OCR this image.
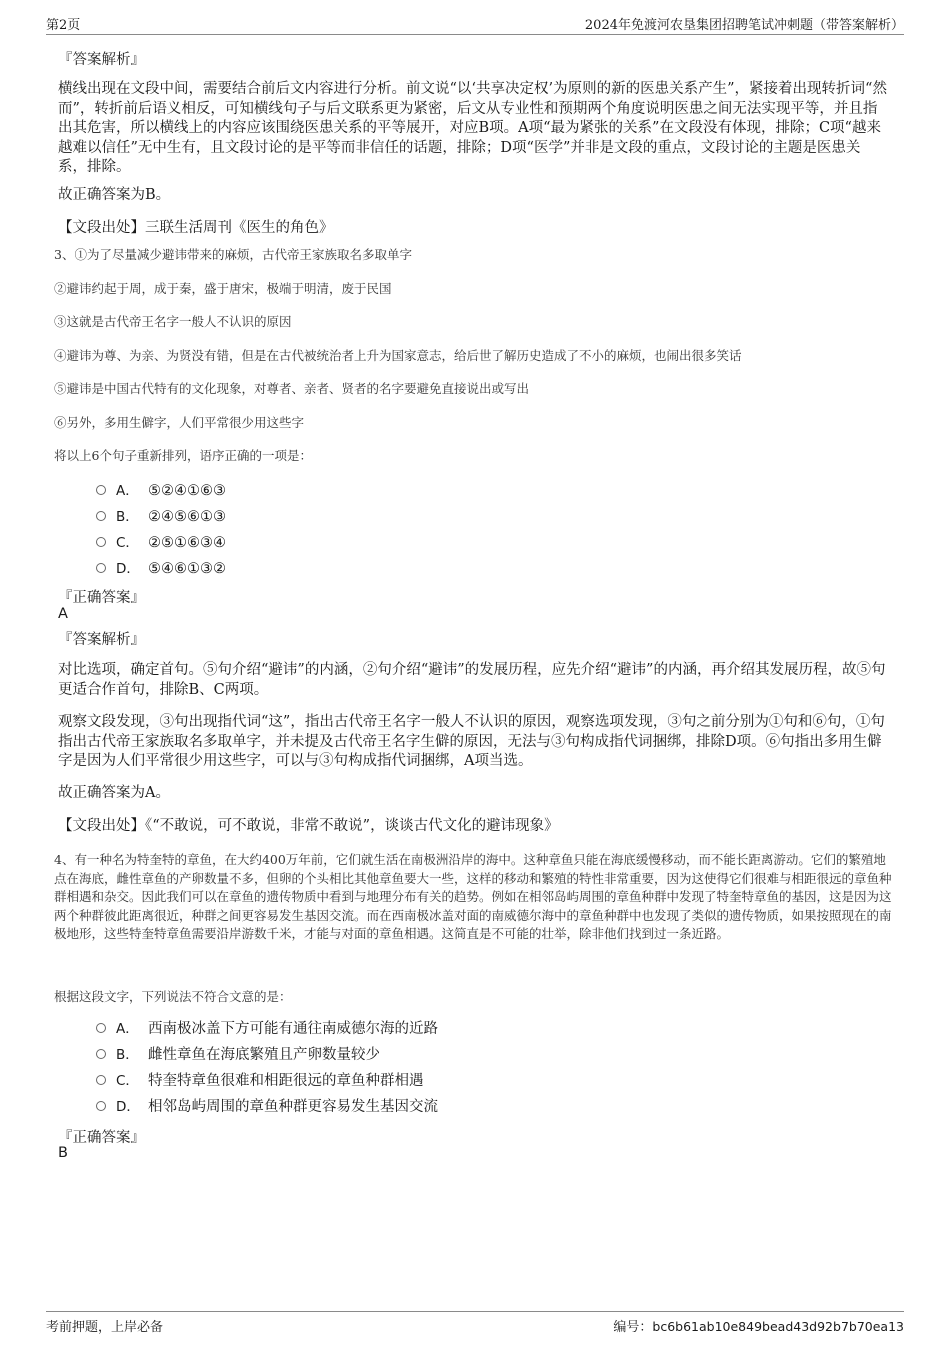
第2页	2024年免渡河农垦集团招聘笔试冲刺题（带答案解析）
『答案解析』
横线出现在文段中间，需要结合前后文内容进行分析。前文说“以‘共享决定权’为原则的新的医患关系产生”，紧接着出现转折词“然而”，转折前后语义相反，可知横线句子与后文联系更为紧密，后文从专业性和预期两个角度说明医患之间无法实现平等，并且指出其危害，所以横线上的内容应该围绕医患关系的平等展开，对应B项。A项“最为紧张的关系”在文段没有体现，排除；C项“越来越难以信任”无中生有，且文段讨论的是平等而非信任的话题，排除；D项“医学”并非是文段的重点，文段讨论的主题是医患关系，排除。
故正确答案为B。
【文段出处】三联生活周刊《医生的角色》
3、①为了尽量减少避讳带来的麻烦，古代帝王家族取名多取单字
②避讳约起于周，成于秦，盛于唐宋，极端于明清，废于民国
③这就是古代帝王名字一般人不认识的原因
④避讳为尊、为亲、为贤没有错，但是在古代被统治者上升为国家意志，给后世了解历史造成了不小的麻烦，也闹出很多笑话
⑤避讳是中国古代特有的文化现象，对尊者、亲者、贤者的名字要避免直接说出或写出
⑥另外，多用生僻字，人们平常很少用这些字
将以上6个句子重新排列，语序正确的一项是：
A． ⑤②④①⑥③
B． ②④⑤⑥①③
C． ②⑤①⑥③④
D． ⑤④⑥①③②
『正确答案』
A
『答案解析』
对比选项，确定首句。⑤句介绍“避讳”的内涵，②句介绍“避讳”的发展历程，应先介绍“避讳”的内涵，再介绍其发展历程，故⑤句更适合作首句，排除B、C两项。
观察文段发现，③句出现指代词“这”，指出古代帝王名字一般人不认识的原因，观察选项发现，③句之前分别为①句和⑥句，①句指出古代帝王家族取名多取单字，并未提及古代帝王名字生僻的原因，无法与③句构成指代词捆绑，排除D项。⑥句指出多用生僻字是因为人们平常很少用这些字，可以与③句构成指代词捆绑，A项当选。
故正确答案为A。
【文段出处】《“不敢说，可不敢说，非常不敢说”，谈谈古代文化的避讳现象》
4、有一种名为特奎特的章鱼，在大约400万年前，它们就生活在南极洲沿岸的海中。这种章鱼只能在海底缓慢移动，而不能长距离游动。它们的繁殖地点在海底，雌性章鱼的产卵数量不多，但卵的个头相比其他章鱼要大一些，这样的移动和繁殖的特性非常重要，因为这使得它们很难与相距很远的章鱼种群相遇和杂交。因此我们可以在章鱼的遗传物质中看到与地理分布有关的趋势。例如在相邻岛屿周围的章鱼种群中发现了特奎特章鱼的基因，这是因为这两个种群彼此距离很近，种群之间更容易发生基因交流。而在西南极冰盖对面的南威德尔海中的章鱼种群中也发现了类似的遗传物质，如果按照现在的南极地形，这些特奎特章鱼需要沿岸游数千米，才能与对面的章鱼相遇。这简直是不可能的壮举，除非他们找到过一条近路。
根据这段文字，下列说法不符合文意的是：
A． 西南极冰盖下方可能有通往南威德尔海的近路
B． 雌性章鱼在海底繁殖且产卵数量较少
C． 特奎特章鱼很难和相距很远的章鱼种群相遇
D． 相邻岛屿周围的章鱼种群更容易发生基因交流
『正确答案』
B
考前押题，上岸必备	编号：bc6b61ab10e849bead43d92b7b70ea13
